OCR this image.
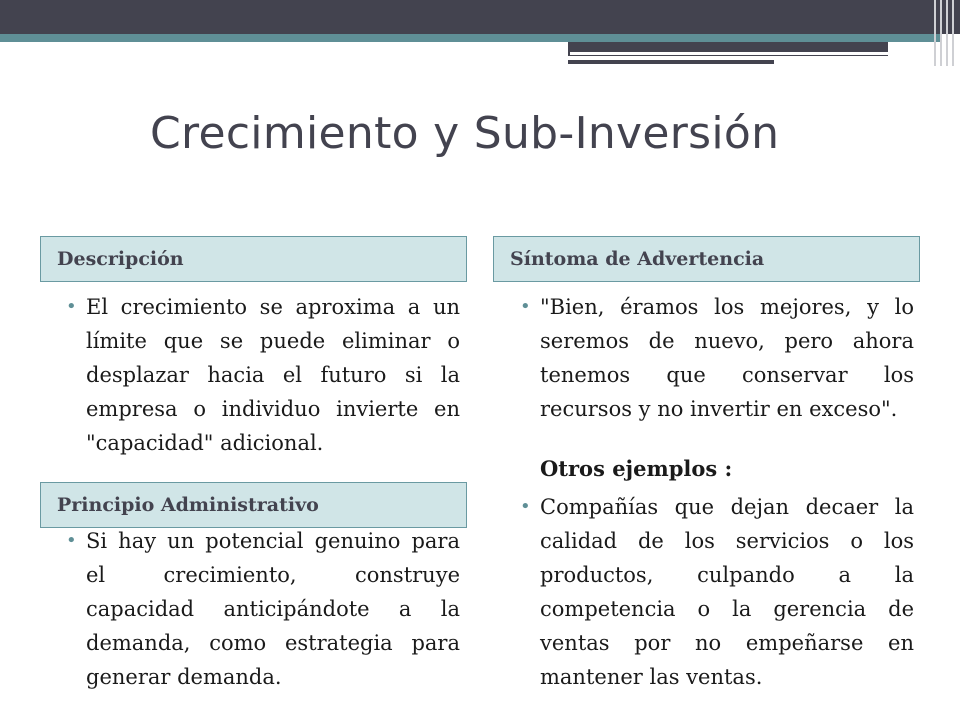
Crecimiento y Sub-Inversión
Descripción	Síntoma de Advertencia
• El crecimiento se aproxima a un límite que se puede eliminar o desplazar hacia el futuro si la empresa o individuo invierte en "capacidad" adicional.
Principio Administrativo
• Si hay un potencial genuino para el crecimiento, construye capacidad anticipándote a la demanda, como estrategia para generar demanda.
• "Bien, éramos los mejores, y lo seremos de nuevo, pero ahora tenemos que conservar los recursos y no invertir en exceso".

Otros ejemplos :

• Compañías que dejan decaer la calidad de los servicios o los productos, culpando a la competencia o la gerencia de ventas por no empeñarse en mantener las ventas.
